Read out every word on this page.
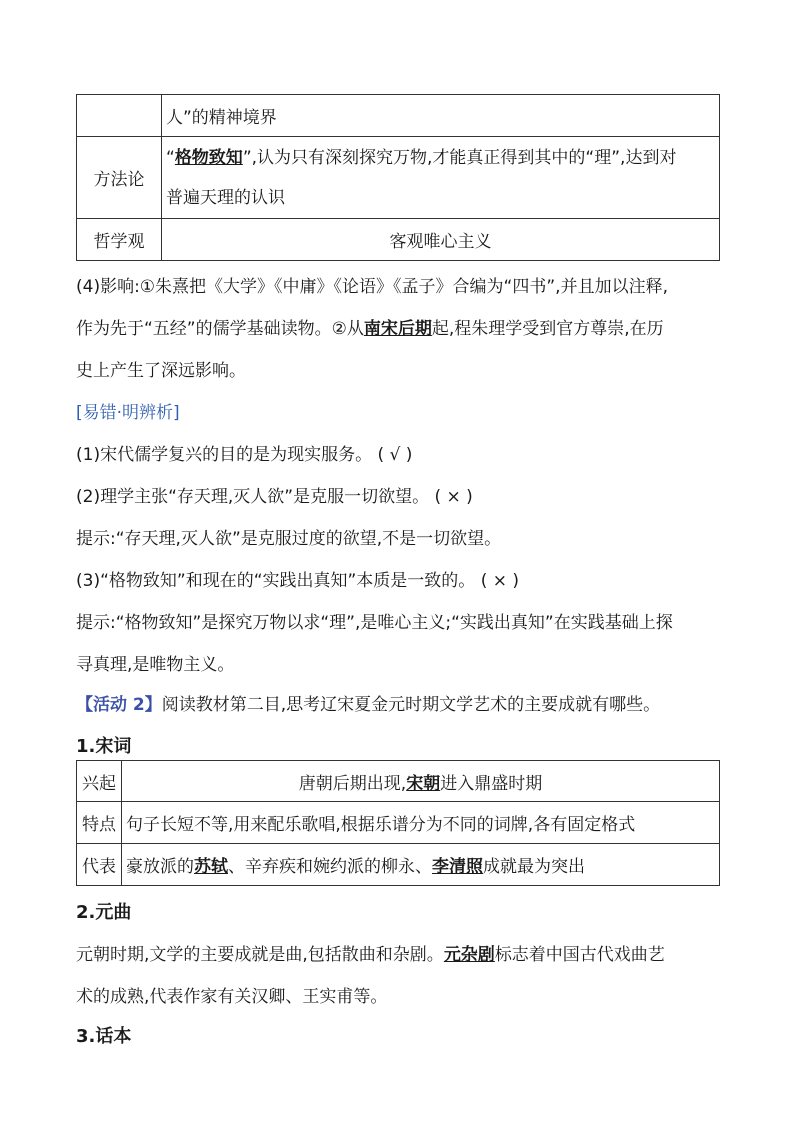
	人”的精神境界
方法论	“格物致知”,认为只有深刻探究万物,才能真正得到其中的“理”,达到对
普遍天理的认识
哲学观	客观唯心主义
(4)影响:①朱熹把《大学》《中庸》《论语》《孟子》合编为“四书”,并且加以注释,
作为先于“五经”的儒学基础读物。②从南宋后期起,程朱理学受到官方尊崇,在历
史上产生了深远影响。
[易错·明辨析]
(1)宋代儒学复兴的目的是为现实服务。 ( √ )
(2)理学主张“存天理,灭人欲”是克服一切欲望。 ( × )
提示:“存天理,灭人欲”是克服过度的欲望,不是一切欲望。
(3)“格物致知”和现在的“实践出真知”本质是一致的。 ( × )
提示:“格物致知”是探究万物以求“理”,是唯心主义;“实践出真知”在实践基础上探
寻真理,是唯物主义。
【活动 2】阅读教材第二目,思考辽宋夏金元时期文学艺术的主要成就有哪些。
1.宋词
兴起	唐朝后期出现,宋朝进入鼎盛时期
特点	句子长短不等,用来配乐歌唱,根据乐谱分为不同的词牌,各有固定格式
代表	豪放派的苏轼、辛弃疾和婉约派的柳永、李清照成就最为突出
2.元曲
元朝时期,文学的主要成就是曲,包括散曲和杂剧。元杂剧标志着中国古代戏曲艺
术的成熟,代表作家有关汉卿、王实甫等。
3.话本
